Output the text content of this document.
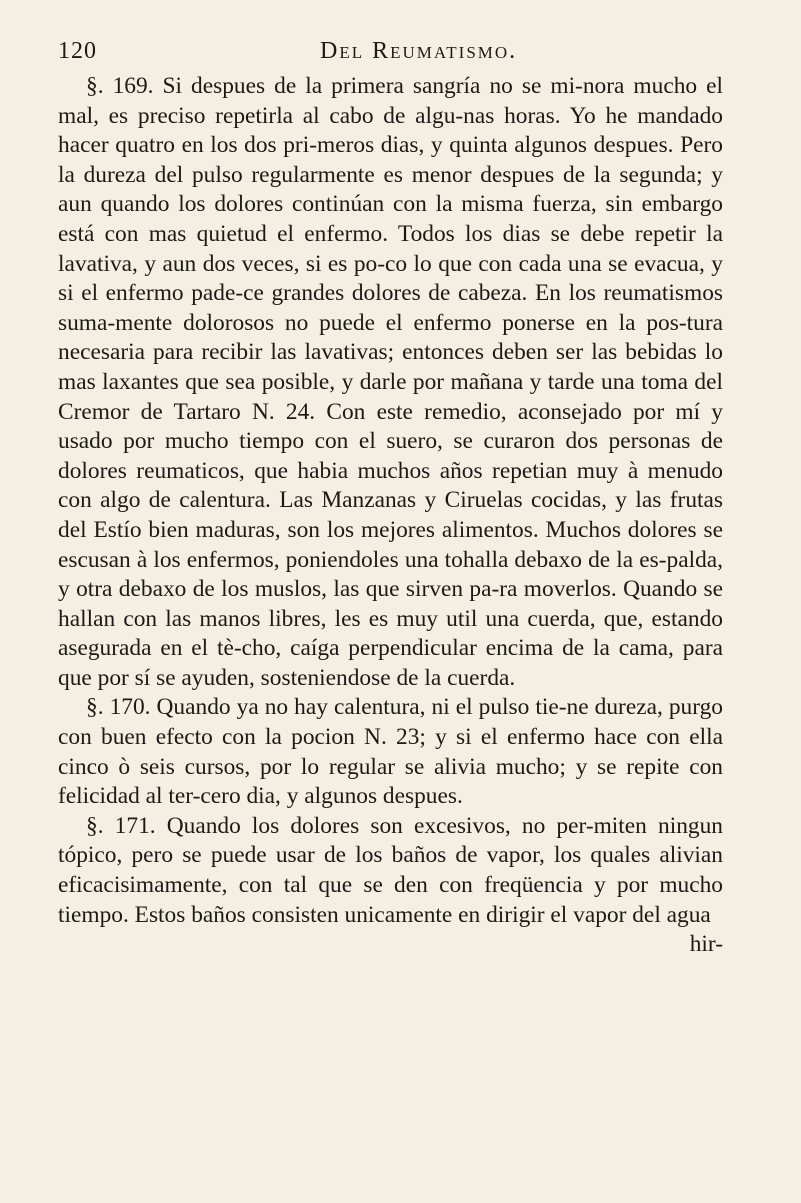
120	Del Reumatismo.

§. 169. Si despues de la primera sangría no se mi-nora mucho el mal, es preciso repetirla al cabo de algu-nas horas. Yo he mandado hacer quatro en los dos pri-meros dias, y quinta algunos despues. Pero la dureza del pulso regularmente es menor despues de la segunda; y aun quando los dolores continúan con la misma fuerza, sin embargo está con mas quietud el enfermo. Todos los dias se debe repetir la lavativa, y aun dos veces, si es po-co lo que con cada una se evacua, y si el enfermo pade-ce grandes dolores de cabeza. En los reumatismos suma-mente dolorosos no puede el enfermo ponerse en la pos-tura necesaria para recibir las lavativas; entonces deben ser las bebidas lo mas laxantes que sea posible, y darle por mañana y tarde una toma del Cremor de Tartaro N. 24. Con este remedio, aconsejado por mí y usado por mucho tiempo con el suero, se curaron dos personas de dolores reumaticos, que habia muchos años repetian muy à menudo con algo de calentura. Las Manzanas y Ciruelas cocidas, y las frutas del Estío bien maduras, son los mejores alimentos. Muchos dolores se escusan à los enfermos, poniendoles una tohalla debaxo de la es-palda, y otra debaxo de los muslos, las que sirven pa-ra moverlos. Quando se hallan con las manos libres, les es muy util una cuerda, que, estando asegurada en el tè-cho, caíga perpendicular encima de la cama, para que por sí se ayuden, sosteniendose de la cuerda.

§. 170. Quando ya no hay calentura, ni el pulso tie-ne dureza, purgo con buen efecto con la pocion N. 23; y si el enfermo hace con ella cinco ò seis cursos, por lo regular se alivia mucho; y se repite con felicidad al ter-cero dia, y algunos despues.

§. 171. Quando los dolores son excesivos, no per-miten ningun tópico, pero se puede usar de los baños de vapor, los quales alivian eficacisimamente, con tal que se den con freqüencia y por mucho tiempo. Estos baños consisten unicamente en dirigir el vapor del agua

hir-
